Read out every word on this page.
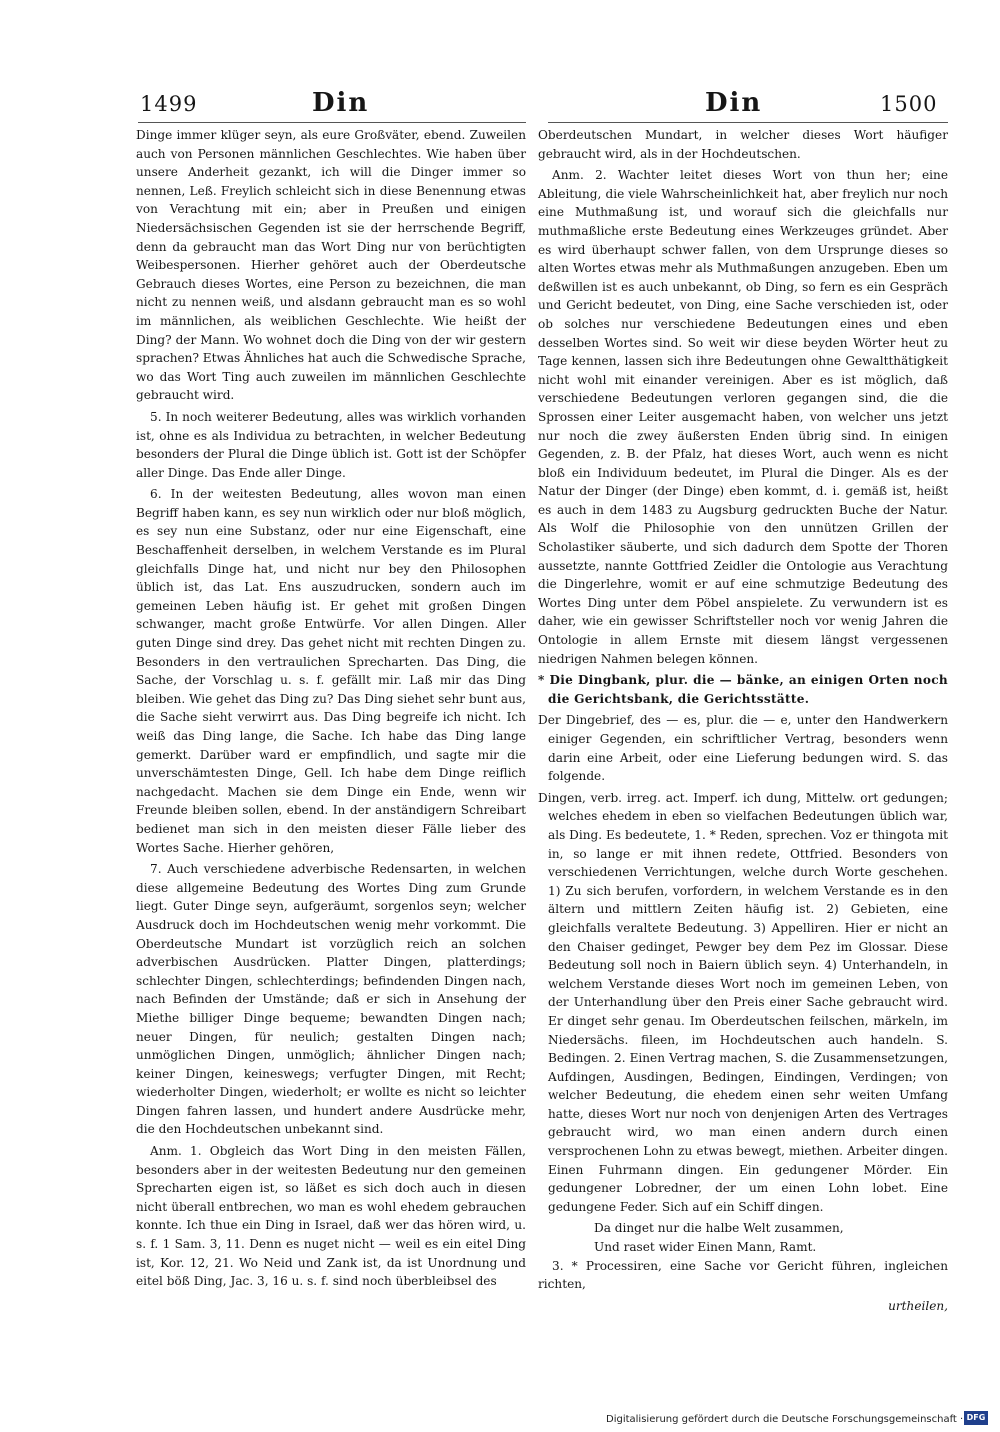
1499	Din	Din	1500

Dinge immer klüger seyn, als eure Großväter, ebend. Zuweilen auch von Personen männlichen Geschlechtes. Wie haben über unsere Anderheit gezankt, ich will die Dinger immer so nennen, Leß. Freylich schleicht sich in diese Benennung etwas von Verachtung mit ein; aber in Preußen und einigen Niedersächsischen Gegenden ist sie der herrschende Begriff, denn da gebraucht man das Wort Ding nur von berüchtigten Weibespersonen. Hierher gehöret auch der Oberdeutsche Gebrauch dieses Wortes, eine Person zu bezeichnen, die man nicht zu nennen weiß, und alsdann gebraucht man es so wohl im männlichen, als weiblichen Geschlechte. Wie heißt der Ding? der Mann. Wo wohnet doch die Ding von der wir gestern sprachen? Etwas Ähnliches hat auch die Schwedische Sprache, wo das Wort Ting auch zuweilen im männlichen Geschlechte gebraucht wird.

5. In noch weiterer Bedeutung, alles was wirklich vorhanden ist, ohne es als Individua zu betrachten, in welcher Bedeutung besonders der Plural die Dinge üblich ist. Gott ist der Schöpfer aller Dinge. Das Ende aller Dinge.

6. In der weitesten Bedeutung, alles wovon man einen Begriff haben kann, es sey nun wirklich oder nur bloß möglich, es sey nun eine Substanz, oder nur eine Eigenschaft, eine Beschaffenheit derselben, in welchem Verstande es im Plural gleichfalls Dinge hat, und nicht nur bey den Philosophen üblich ist, das Lat. Ens auszudrucken, sondern auch im gemeinen Leben häufig ist. Er gehet mit großen Dingen schwanger, macht große Entwürfe. Vor allen Dingen. Aller guten Dinge sind drey. Das gehet nicht mit rechten Dingen zu. Besonders in den vertraulichen Sprecharten. Das Ding, die Sache, der Vorschlag u. s. f. gefällt mir. Laß mir das Ding bleiben. Wie gehet das Ding zu? Das Ding siehet sehr bunt aus, die Sache sieht verwirrt aus. Das Ding begreife ich nicht. Ich weiß das Ding lange, die Sache. Ich habe das Ding lange gemerkt. Darüber ward er empfindlich, und sagte mir die unverschämtesten Dinge, Gell. Ich habe dem Dinge reiflich nachgedacht. Machen sie dem Dinge ein Ende, wenn wir Freunde bleiben sollen, ebend. In der anständigern Schreibart bedienet man sich in den meisten dieser Fälle lieber des Wortes Sache. Hierher gehören,

7. Auch verschiedene adverbische Redensarten, in welchen diese allgemeine Bedeutung des Wortes Ding zum Grunde liegt. Guter Dinge seyn, aufgeräumt, sorgenlos seyn; welcher Ausdruck doch im Hochdeutschen wenig mehr vorkommt. Die Oberdeutsche Mundart ist vorzüglich reich an solchen adverbischen Ausdrücken. Platter Dingen, platterdings; schlechter Dingen, schlechterdings; befindenden Dingen nach, nach Befinden der Umstände; daß er sich in Ansehung der Miethe billiger Dinge bequeme; bewandten Dingen nach; neuer Dingen, für neulich; gestalten Dingen nach; unmöglichen Dingen, unmöglich; ähnlicher Dingen nach; keiner Dingen, keineswegs; verfugter Dingen, mit Recht; wiederholter Dingen, wiederholt; er wollte es nicht so leichter Dingen fahren lassen, und hundert andere Ausdrücke mehr, die den Hochdeutschen unbekannt sind.

Anm. 1. Obgleich das Wort Ding in den meisten Fällen, besonders aber in der weitesten Bedeutung nur den gemeinen Sprecharten eigen ist, so läßet es sich doch auch in diesen nicht überall entbrechen, wo man es wohl ehedem gebrauchen konnte. Ich thue ein Ding in Israel, daß wer das hören wird, u. s. f. 1 Sam. 3, 11. Denn es nuget nicht — weil es ein eitel Ding ist, Kor. 12, 21. Wo Neid und Zank ist, da ist Unordnung und eitel böß Ding, Jac. 3, 16 u. s. f. sind noch überbleibsel des

Oberdeutschen Mundart, in welcher dieses Wort häufiger gebraucht wird, als in der Hochdeutschen.

Anm. 2. Wachter leitet dieses Wort von thun her; eine Ableitung, die viele Wahrscheinlichkeit hat, aber freylich nur noch eine Muthmaßung ist, und worauf sich die gleichfalls nur muthmaßliche erste Bedeutung eines Werkzeuges gründet. Aber es wird überhaupt schwer fallen, von dem Ursprunge dieses so alten Wortes etwas mehr als Muthmaßungen anzugeben. Eben um deßwillen ist es auch unbekannt, ob Ding, so fern es ein Gespräch und Gericht bedeutet, von Ding, eine Sache verschieden ist, oder ob solches nur verschiedene Bedeutungen eines und eben desselben Wortes sind. So weit wir diese beyden Wörter heut zu Tage kennen, lassen sich ihre Bedeutungen ohne Gewaltthätigkeit nicht wohl mit einander vereinigen. Aber es ist möglich, daß verschiedene Bedeutungen verloren gegangen sind, die die Sprossen einer Leiter ausgemacht haben, von welcher uns jetzt nur noch die zwey äußersten Enden übrig sind. In einigen Gegenden, z. B. der Pfalz, hat dieses Wort, auch wenn es nicht bloß ein Individuum bedeutet, im Plural die Dinger. Als es der Natur der Dinger (der Dinge) eben kommt, d. i. gemäß ist, heißt es auch in dem 1483 zu Augsburg gedruckten Buche der Natur. Als Wolf die Philosophie von den unnützen Grillen der Scholastiker säuberte, und sich dadurch dem Spotte der Thoren aussetzte, nannte Gottfried Zeidler die Ontologie aus Verachtung die Dingerlehre, womit er auf eine schmutzige Bedeutung des Wortes Ding unter dem Pöbel anspielete. Zu verwundern ist es daher, wie ein gewisser Schriftsteller noch vor wenig Jahren die Ontologie in allem Ernste mit diesem längst vergessenen niedrigen Nahmen belegen können.

* Die Dingbank, plur. die — bänke, an einigen Orten noch die Gerichtsbank, die Gerichtsstätte.

Der Dingebrief, des — es, plur. die — e, unter den Handwerkern einiger Gegenden, ein schriftlicher Vertrag, besonders wenn darin eine Arbeit, oder eine Lieferung bedungen wird. S. das folgende.

Dingen, verb. irreg. act. Imperf. ich dung, Mittelw. ort gedungen; welches ehedem in eben so vielfachen Bedeutungen üblich war, als Ding. Es bedeutete, 1. * Reden, sprechen. Voz er thingota mit in, so lange er mit ihnen redete, Ottfried. Besonders von verschiedenen Verrichtungen, welche durch Worte geschehen. 1) Zu sich berufen, vorfordern, in welchem Verstande es in den ältern und mittlern Zeiten häufig ist. 2) Gebieten, eine gleichfalls veraltete Bedeutung. 3) Appelliren. Hier er nicht an den Chaiser gedinget, Pewger bey dem Pez im Glossar. Diese Bedeutung soll noch in Baiern üblich seyn. 4) Unterhandeln, in welchem Verstande dieses Wort noch im gemeinen Leben, von der Unterhandlung über den Preis einer Sache gebraucht wird. Er dinget sehr genau. Im Oberdeutschen feilschen, märkeln, im Niedersächs. fileen, im Hochdeutschen auch handeln. S. Bedingen. 2. Einen Vertrag machen, S. die Zusammensetzungen, Aufdingen, Ausdingen, Bedingen, Eindingen, Verdingen; von welcher Bedeutung, die ehedem einen sehr weiten Umfang hatte, dieses Wort nur noch von denjenigen Arten des Vertrages gebraucht wird, wo man einen andern durch einen versprochenen Lohn zu etwas bewegt, miethen. Arbeiter dingen. Einen Fuhrmann dingen. Ein gedungener Mörder. Ein gedungener Lobredner, der um einen Lohn lobet. Eine gedungene Feder. Sich auf ein Schiff dingen.

Da dinget nur die halbe Welt zusammen,

Und raset wider Einen Mann, Ramt.

3. * Processiren, eine Sache vor Gericht führen, ingleichen richten,

urtheilen,

Digitalisierung gefördert durch die Deutsche Forschungsgemeinschaft · DFG
